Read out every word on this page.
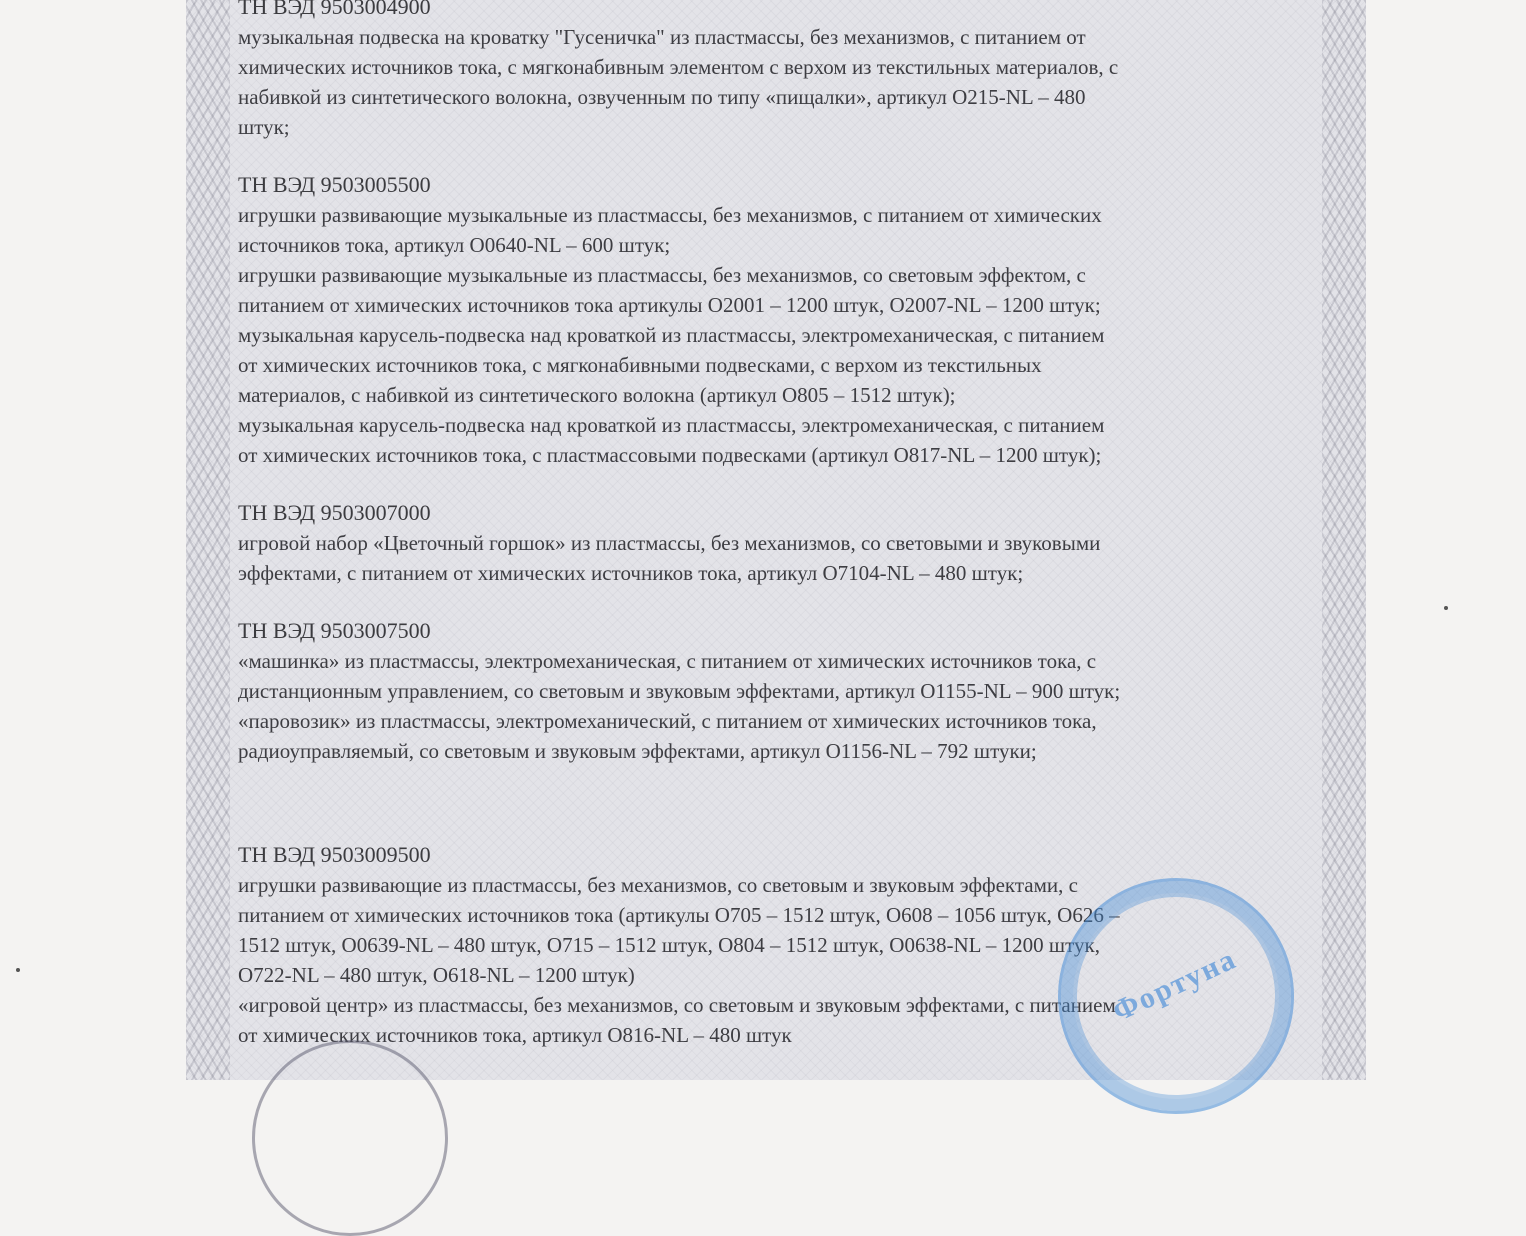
ТН ВЭД 9503004900
музыкальная подвеска на кроватку "Гусеничка" из пластмассы, без механизмов, с питанием от
химических источников тока, с мягконабивным элементом с верхом из текстильных материалов, с
набивкой из синтетического волокна, озвученным по типу «пищалки», артикул O215-NL – 480
штук;
ТН ВЭД 9503005500
игрушки развивающие музыкальные из пластмассы, без механизмов, с питанием от химических
источников тока, артикул O0640-NL – 600 штук;
игрушки развивающие музыкальные из пластмассы, без механизмов, со световым эффектом, с
питанием от химических источников тока артикулы O2001 – 1200 штук, O2007-NL – 1200 штук;
музыкальная карусель-подвеска над кроваткой из пластмассы, электромеханическая, с питанием
от химических источников тока, с мягконабивными подвесками, с верхом из текстильных
материалов, с набивкой из синтетического волокна (артикул O805 – 1512 штук);
музыкальная карусель-подвеска над кроваткой из пластмассы, электромеханическая, с питанием
от химических источников тока, с пластмассовыми подвесками (артикул O817-NL – 1200 штук);
ТН ВЭД 9503007000
игровой набор «Цветочный горшок» из пластмассы, без механизмов, со световыми и звуковыми
эффектами, с питанием от химических источников тока, артикул O7104-NL – 480 штук;
ТН ВЭД 9503007500
«машинка» из пластмассы, электромеханическая, с питанием от химических источников тока, с
дистанционным управлением, со световым и звуковым эффектами, артикул O1155-NL – 900 штук;
«паровозик» из пластмассы, электромеханический, с питанием от химических источников тока,
радиоуправляемый, со световым и звуковым эффектами, артикул O1156-NL – 792 штуки;
ТН ВЭД 9503009500
игрушки развивающие из пластмассы, без механизмов, со световым и звуковым эффектами, с
питанием от химических источников тока (артикулы O705 – 1512 штук, O608 – 1056 штук, O626 –
1512 штук, O0639-NL – 480 штук, O715 – 1512 штук, O804 – 1512 штук, O0638-NL – 1200 штук,
O722-NL – 480 штук, O618-NL – 1200 штук)
«игровой центр» из пластмассы, без механизмов, со световым и звуковым эффектами, с питанием
от химических источников тока, артикул O816-NL – 480 штук
Фортуна
